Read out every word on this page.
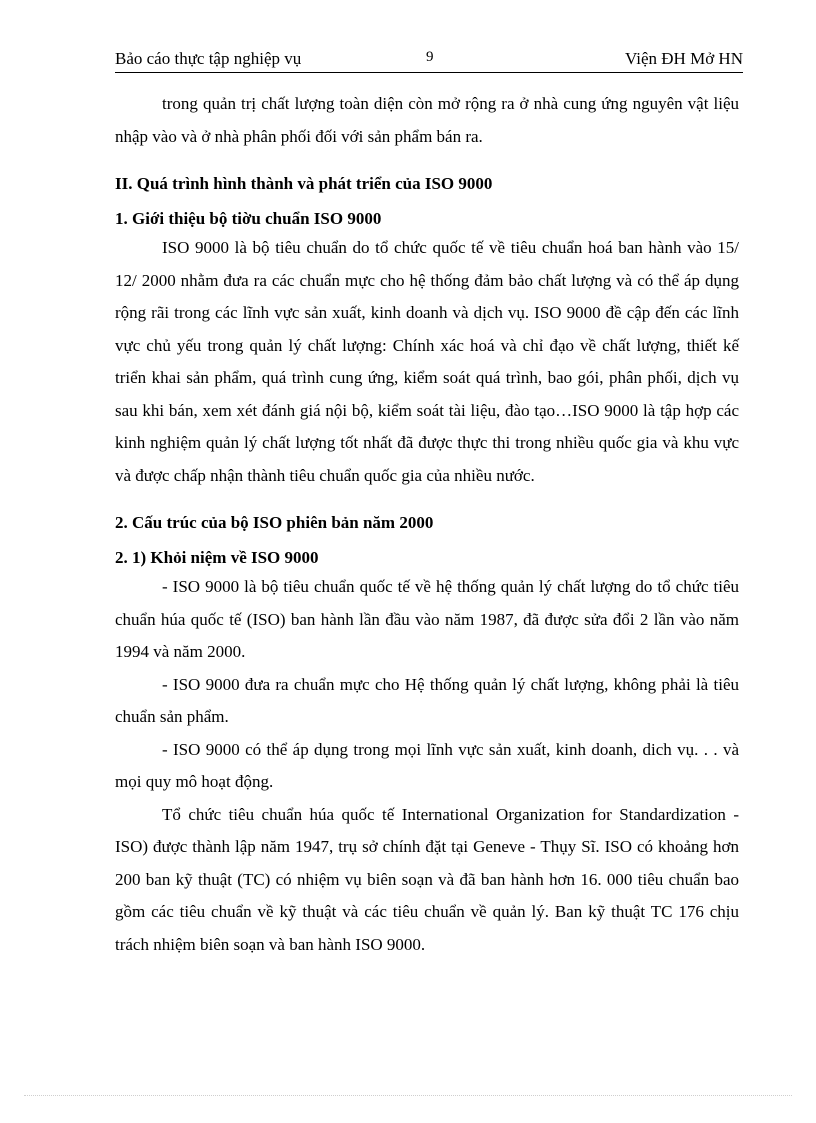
Bảo cáo thực tập nghiệp vụ	9	Viện ĐH Mở HN

trong quản trị chất lượng toàn diện còn mở rộng ra ở nhà cung ứng nguyên vật liệu nhập vào và ở nhà phân phối đối với sản phẩm bán ra.

II. Quá trình hình thành và phát triển của ISO 9000

1. Giới thiệu bộ tiờu chuẩn ISO 9000

ISO 9000 là bộ tiêu chuẩn do tổ chức quốc tế về tiêu chuẩn hoá ban hành vào 15/ 12/ 2000 nhằm đưa ra các chuẩn mực cho hệ thống đảm bảo chất lượng và có thể áp dụng rộng rãi trong các lĩnh vực sản xuất, kinh doanh và dịch vụ. ISO 9000 đề cập đến các lĩnh vực chủ yếu trong quản lý chất lượng: Chính xác hoá và chỉ đạo về chất lượng, thiết kế triển khai sản phẩm, quá trình cung ứng, kiểm soát quá trình, bao gói, phân phối, dịch vụ sau khi bán, xem xét đánh giá nội bộ, kiểm soát tài liệu, đào tạo…ISO 9000 là tập hợp các kinh nghiệm quản lý chất lượng tốt nhất đã được thực thi trong nhiều quốc gia và khu vực và được chấp nhận thành tiêu chuẩn quốc gia của nhiều nước.

2. Cấu trúc của bộ ISO phiên bản năm 2000

2. 1) Khỏi niệm về ISO 9000

- ISO 9000 là bộ tiêu chuẩn quốc tế về hệ thống quản lý chất lượng do tổ chức tiêu chuẩn húa quốc tế (ISO) ban hành lần đầu vào năm 1987, đã được sửa đổi 2 lần vào năm 1994 và năm 2000.

- ISO 9000 đưa ra chuẩn mực cho Hệ thống quản lý chất lượng, không phải là tiêu chuẩn sản phẩm.

- ISO 9000 có thể áp dụng trong mọi lĩnh vực sản xuất, kinh doanh, dich vụ. . . và mọi quy mô hoạt động.

Tổ chức tiêu chuẩn húa quốc tế International Organization for Standardization - ISO) được thành lập năm 1947, trụ sở chính đặt tại Geneve - Thụy Sĩ. ISO có khoảng hơn 200 ban kỹ thuật (TC) có nhiệm vụ biên soạn và đã ban hành hơn 16. 000 tiêu chuẩn bao gồm các tiêu chuẩn về kỹ thuật và các tiêu chuẩn về quản lý. Ban kỹ thuật TC 176 chịu trách nhiệm biên soạn và ban hành ISO 9000.
